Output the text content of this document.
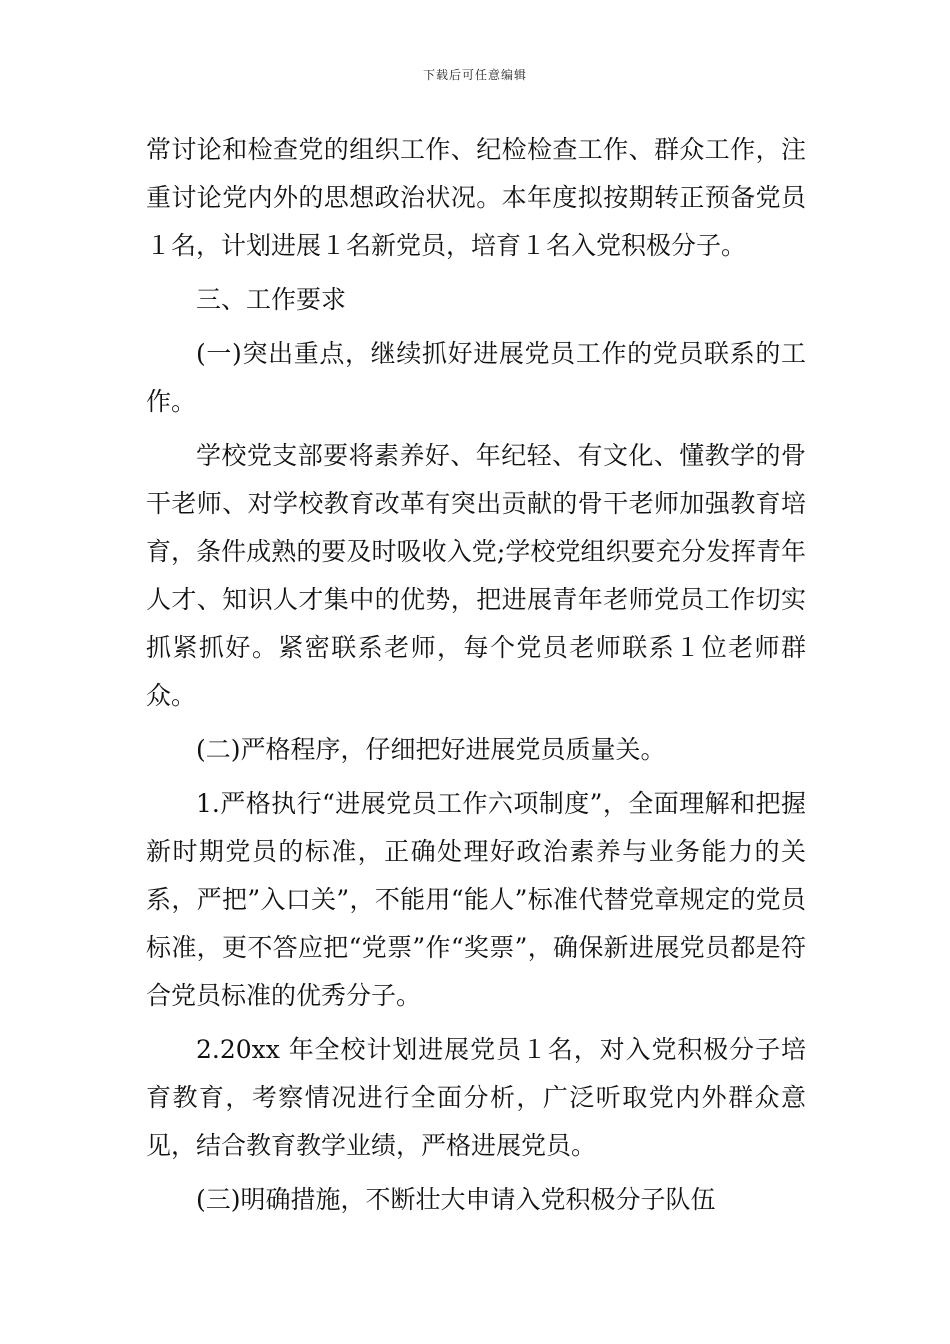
下载后可任意编辑

常讨论和检查党的组织工作、纪检检查工作、群众工作，注重讨论党内外的思想政治状况。本年度拟按期转正预备党员１名，计划进展１名新党员，培育１名入党积极分子。

三、工作要求

(一)突出重点，继续抓好进展党员工作的党员联系的工作。

学校党支部要将素养好、年纪轻、有文化、懂教学的骨干老师、对学校教育改革有突出贡献的骨干老师加强教育培育，条件成熟的要及时吸收入党;学校党组织要充分发挥青年人才、知识人才集中的优势，把进展青年老师党员工作切实抓紧抓好。紧密联系老师，每个党员老师联系１位老师群众。

(二)严格程序，仔细把好进展党员质量关。

1.严格执行“进展党员工作六项制度”，全面理解和把握新时期党员的标准，正确处理好政治素养与业务能力的关系，严把”入口关”，不能用“能人”标准代替党章规定的党员标准，更不答应把“党票”作“奖票”，确保新进展党员都是符合党员标准的优秀分子。

2.20xx 年全校计划进展党员１名，对入党积极分子培育教育，考察情况进行全面分析，广泛听取党内外群众意见，结合教育教学业绩，严格进展党员。

(三)明确措施，不断壮大申请入党积极分子队伍
